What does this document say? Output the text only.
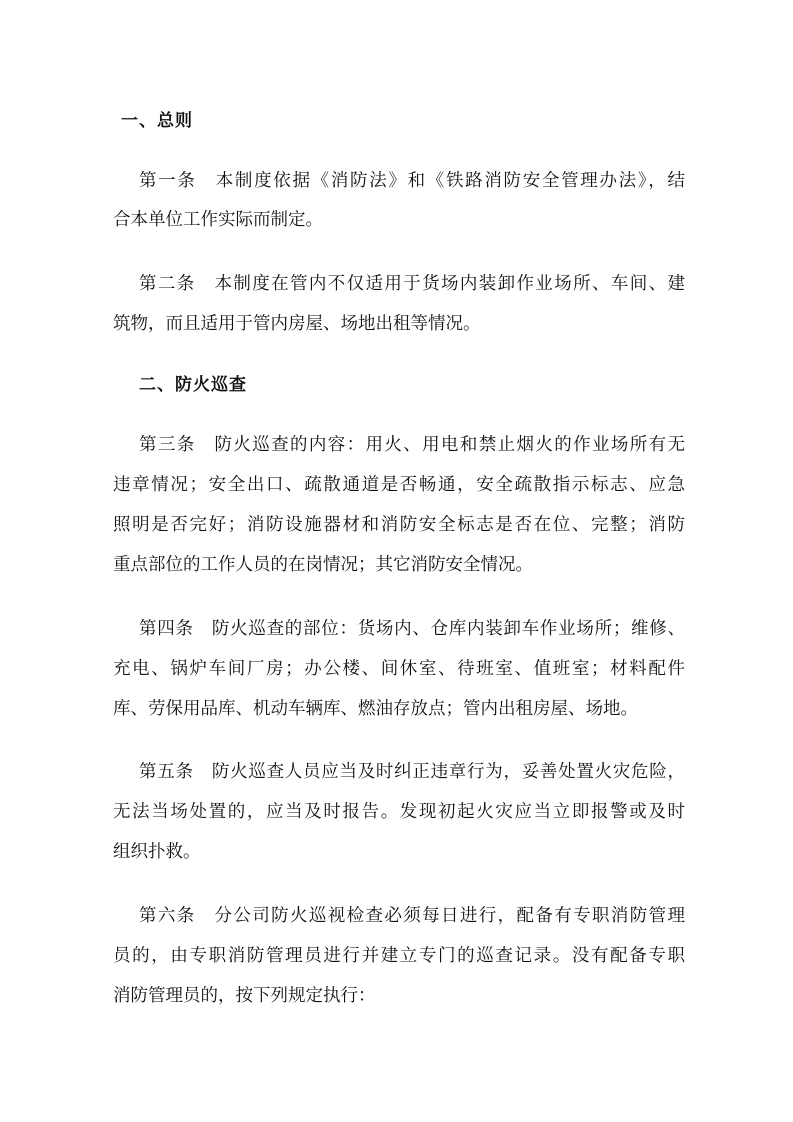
一、总则
第一条　本制度依据《消防法》和《铁路消防安全管理办法》，结
合本单位工作实际而制定。
第二条　本制度在管内不仅适用于货场内装卸作业场所、车间、建
筑物，而且适用于管内房屋、场地出租等情况。
二、防火巡查
第三条　防火巡查的内容：用火、用电和禁止烟火的作业场所有无
违章情况；安全出口、疏散通道是否畅通，安全疏散指示标志、应急
照明是否完好；消防设施器材和消防安全标志是否在位、完整；消防
重点部位的工作人员的在岗情况；其它消防安全情况。
第四条　防火巡查的部位：货场内、仓库内装卸车作业场所；维修、
充电、锅炉车间厂房；办公楼、间休室、待班室、值班室；材料配件
库、劳保用品库、机动车辆库、燃油存放点；管内出租房屋、场地。
第五条　防火巡查人员应当及时纠正违章行为，妥善处置火灾危险，
无法当场处置的，应当及时报告。发现初起火灾应当立即报警或及时
组织扑救。
第六条　分公司防火巡视检查必须每日进行，配备有专职消防管理
员的，由专职消防管理员进行并建立专门的巡查记录。没有配备专职
消防管理员的，按下列规定执行：
